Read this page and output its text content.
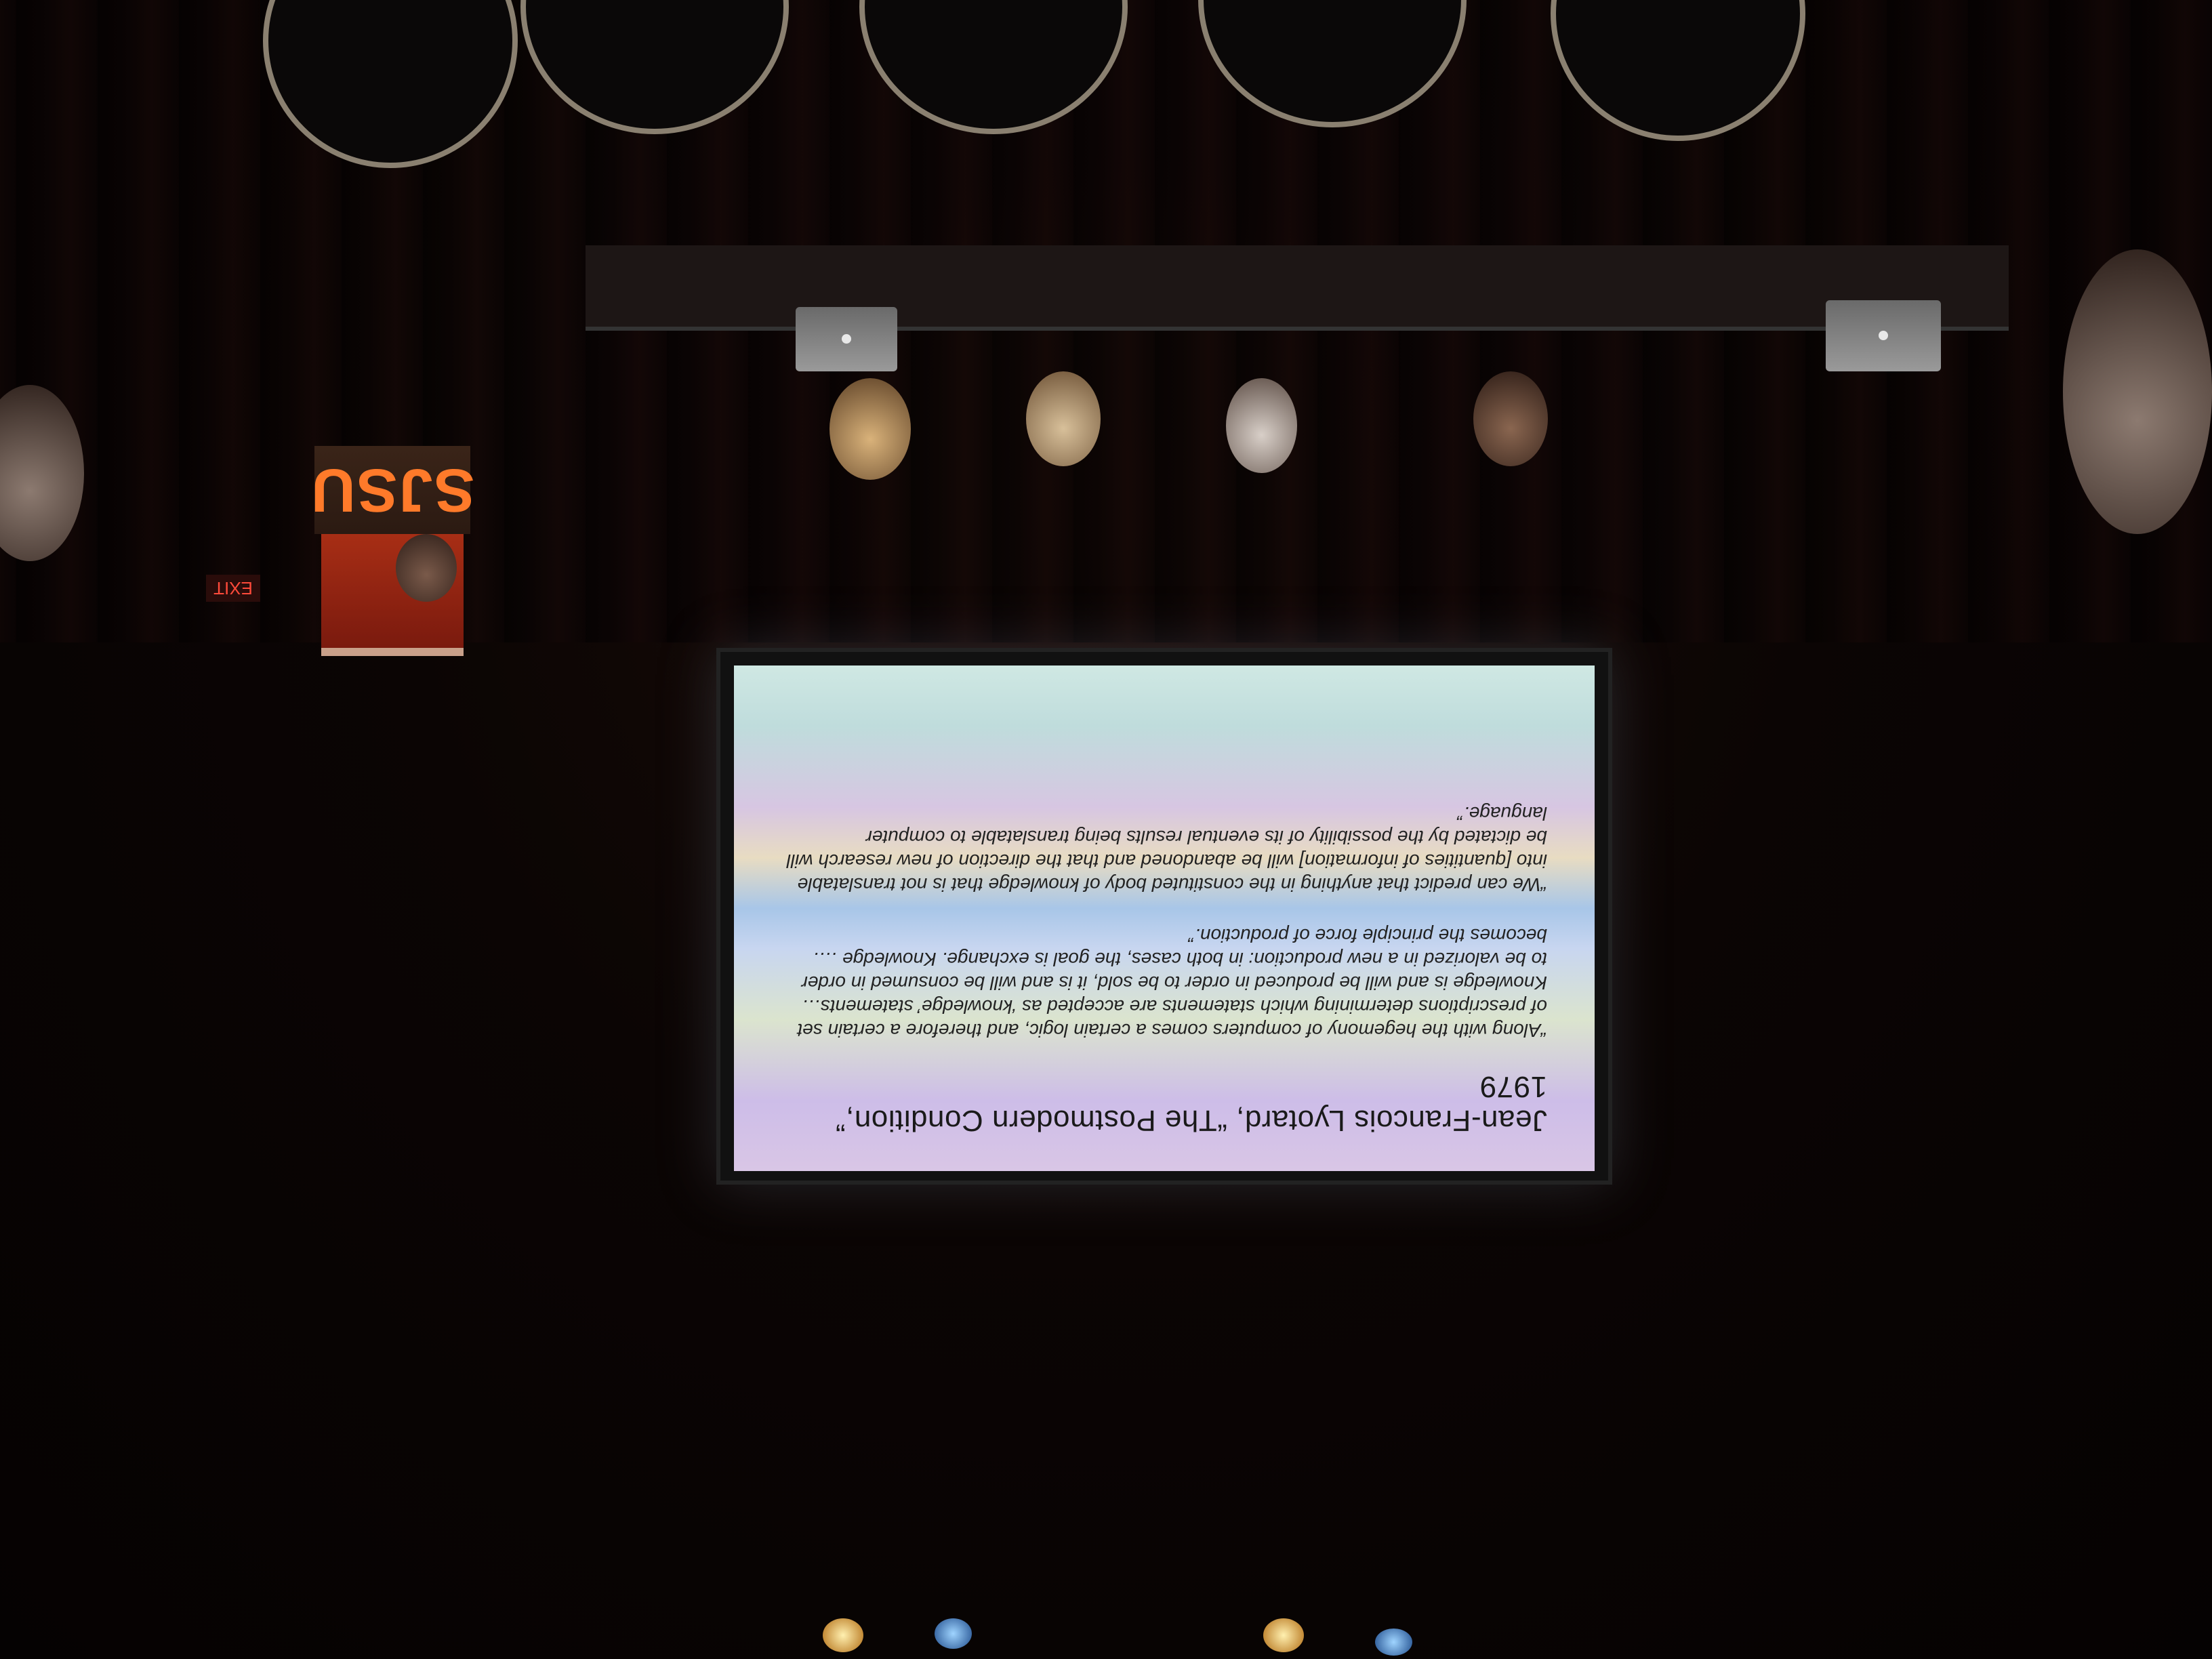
Jean-Francois Lyotard, “The Postmodern Condition,” 1979
“Along with the hegemony of computers comes a certain logic, and therefore a certain set of prescriptions determining which statements are accepted as ‘knowledge’ statements… Knowledge is and will be produced in order to be sold, it is and will be consumed in order to be valorized in a new production: in both cases, the goal is exchange. Knowledge …. becomes the principle force of production.”
“We can predict that anything in the constituted body of knowledge that is not translatable into [quantities of information] will be abandoned and that the direction of new research will be dictated by the possibility of its eventual results being translatable to computer language.”
SJSU
EXIT
